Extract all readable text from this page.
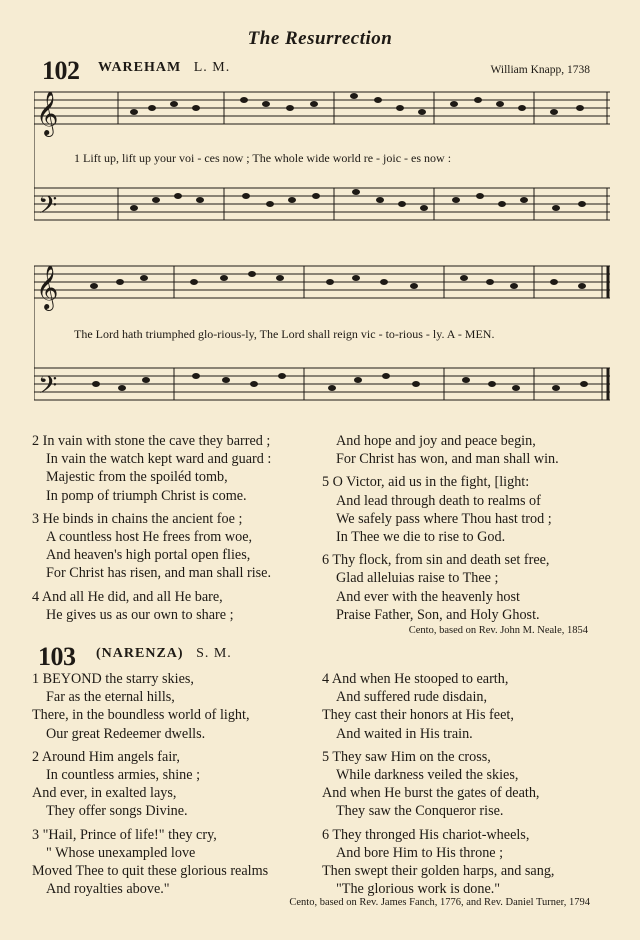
The Resurrection
102 WAREHAM L. M.	William Knapp, 1738
𝄞
𝄢
1 Lift up, lift up your voi - ces now ; The whole wide world re - joic - es now :
𝄞
𝄢
The Lord hath triumphed glo-rious-ly, The Lord shall reign vic - to-rious - ly. A - MEN.
2 In vain with stone the cave they barred ;
In vain the watch kept ward and guard :
Majestic from the spoiléd tomb,
In pomp of triumph Christ is come.
3 He binds in chains the ancient foe ;
A countless host He frees from woe,
And heaven's high portal open flies,
For Christ has risen, and man shall rise.
4 And all He did, and all He bare,
He gives us as our own to share ;
And hope and joy and peace begin,
For Christ has won, and man shall win.
5 O Victor, aid us in the fight, [light:
And lead through death to realms of
We safely pass where Thou hast trod ;
In Thee we die to rise to God.
6 Thy flock, from sin and death set free,
Glad alleluias raise to Thee ;
And ever with the heavenly host
Praise Father, Son, and Holy Ghost.
Cento, based on Rev. John M. Neale, 1854
103 (NARENZA) S. M.
1 BEYOND the starry skies,
Far as the eternal hills,
There, in the boundless world of light,
Our great Redeemer dwells.
2 Around Him angels fair,
In countless armies, shine ;
And ever, in exalted lays,
They offer songs Divine.
3 "Hail, Prince of life!" they cry,
" Whose unexampled love
Moved Thee to quit these glorious realms
And royalties above."
4 And when He stooped to earth,
And suffered rude disdain,
They cast their honors at His feet,
And waited in His train.
5 They saw Him on the cross,
While darkness veiled the skies,
And when He burst the gates of death,
They saw the Conqueror rise.
6 They thronged His chariot-wheels,
And bore Him to His throne ;
Then swept their golden harps, and sang,
"The glorious work is done."
Cento, based on Rev. James Fanch, 1776, and Rev. Daniel Turner, 1794
